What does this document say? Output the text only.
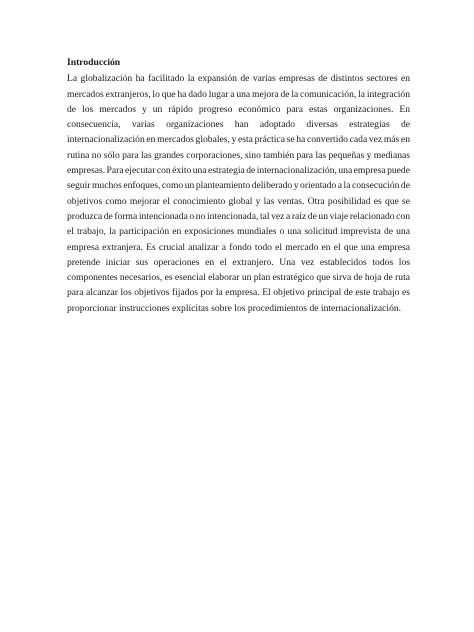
Introducción
La globalización ha facilitado la expansión de varias empresas de distintos sectores en
mercados extranjeros, lo que ha dado lugar a una mejora de la comunicación, la integración
de los mercados y un rápido progreso económico para estas organizaciones. En
consecuencia, varias organizaciones han adoptado diversas estrategias de
internacionalización en mercados globales, y esta práctica se ha convertido cada vez más en
rutina no sólo para las grandes corporaciones, sino también para las pequeñas y medianas
empresas. Para ejecutar con éxito una estrategia de internacionalización, una empresa puede
seguir muchos enfoques, como un planteamiento deliberado y orientado a la consecución de
objetivos como mejorar el conocimiento global y las ventas. Otra posibilidad es que se
produzca de forma intencionada o no intencionada, tal vez a raíz de un viaje relacionado con
el trabajo, la participación en exposiciones mundiales o una solicitud imprevista de una
empresa extranjera. Es crucial analizar a fondo todo el mercado en el que una empresa
pretende iniciar sus operaciones en el extranjero. Una vez establecidos todos los
componentes necesarios, es esencial elaborar un plan estratégico que sirva de hoja de ruta
para alcanzar los objetivos fijados por la empresa. El objetivo principal de este trabajo es
proporcionar instrucciones explícitas sobre los procedimientos de internacionalización.
